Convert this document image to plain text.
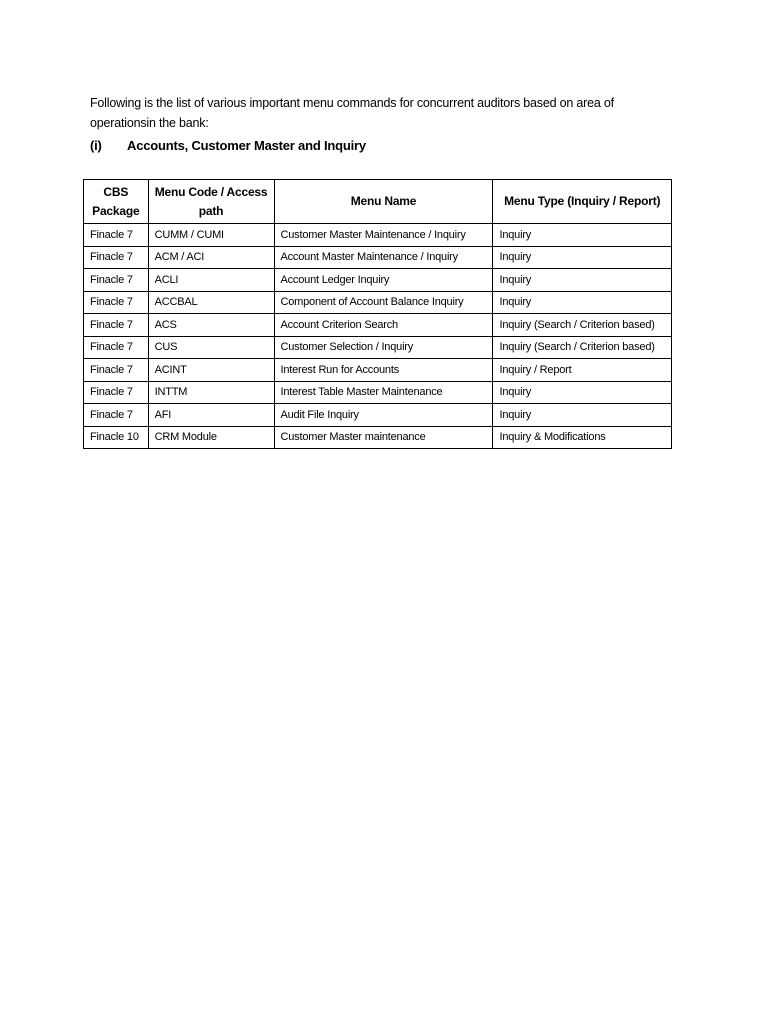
Following is the list of various important menu commands for concurrent auditors based on area of operationsin the bank:
(i) Accounts, Customer Master and Inquiry
CBS Package	Menu Code / Access path	Menu Name	Menu Type (Inquiry / Report)
Finacle 7	CUMM / CUMI	Customer Master Maintenance / Inquiry	Inquiry
Finacle 7	ACM / ACI	Account Master Maintenance / Inquiry	Inquiry
Finacle 7	ACLI	Account Ledger Inquiry	Inquiry
Finacle 7	ACCBAL	Component of Account Balance Inquiry	Inquiry
Finacle 7	ACS	Account Criterion Search	Inquiry (Search / Criterion based)
Finacle 7	CUS	Customer Selection / Inquiry	Inquiry (Search / Criterion based)
Finacle 7	ACINT	Interest Run for Accounts	Inquiry / Report
Finacle 7	INTTM	Interest Table Master Maintenance	Inquiry
Finacle 7	AFI	Audit File Inquiry	Inquiry
Finacle 10	CRM Module	Customer Master maintenance	Inquiry & Modifications
